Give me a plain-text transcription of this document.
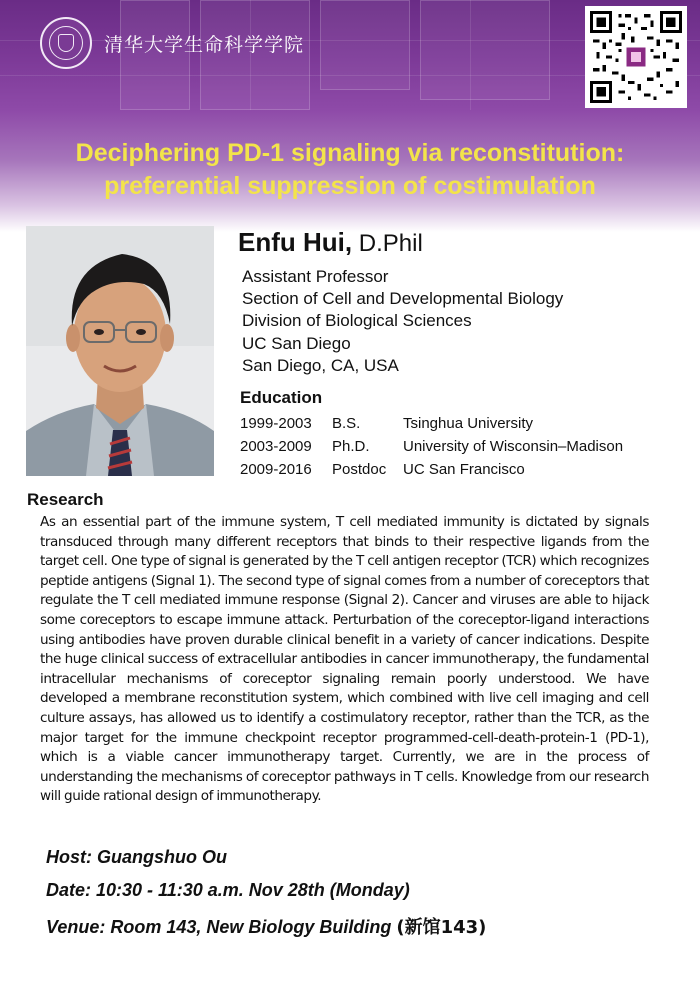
清华大学生命科学学院
Deciphering PD-1 signaling via reconstitution:
preferential suppression of costimulation
Enfu Hui, D.Phil
Assistant Professor
Section of Cell and Developmental Biology
Division of Biological Sciences
UC San Diego
San Diego, CA, USA
Education
1999-2003 B.S.	Tsinghua University
2003-2009 Ph.D. University of Wisconsin–Madison
2009-2016 Postdoc UC San Francisco
Research

As an essential part of the immune system, T cell mediated immunity is dictated by signals transduced through many different receptors that binds to their respective ligands from the target cell. One type of signal is generated by the T cell antigen receptor (TCR) which recognizes peptide antigens (Signal 1). The second type of signal comes from a number of coreceptors that regulate the T cell mediated immune response (Signal 2). Cancer and viruses are able to hijack some coreceptors to escape immune attack. Perturbation of the coreceptor-ligand interactions using antibodies have proven durable clinical benefit in a variety of cancer indications. Despite the huge clinical success of extracellular antibodies in cancer immunotherapy, the fundamental intracellular mechanisms of coreceptor signaling remain poorly understood. We have developed a membrane reconstitution system, which combined with live cell imaging and cell culture assays, has allowed us to identify a costimulatory receptor, rather than the TCR, as the major target for the immune checkpoint receptor programmed-cell-death-protein-1 (PD-1), which is a viable cancer immunotherapy target. Currently, we are in the process of understanding the mechanisms of coreceptor pathways in T cells. Knowledge from our research will guide rational design of immunotherapy.

Host: Guangshuo Ou
Date: 10:30 - 11:30 a.m. Nov 28th (Monday)
Venue: Room 143, New Biology Building (新馆143)
